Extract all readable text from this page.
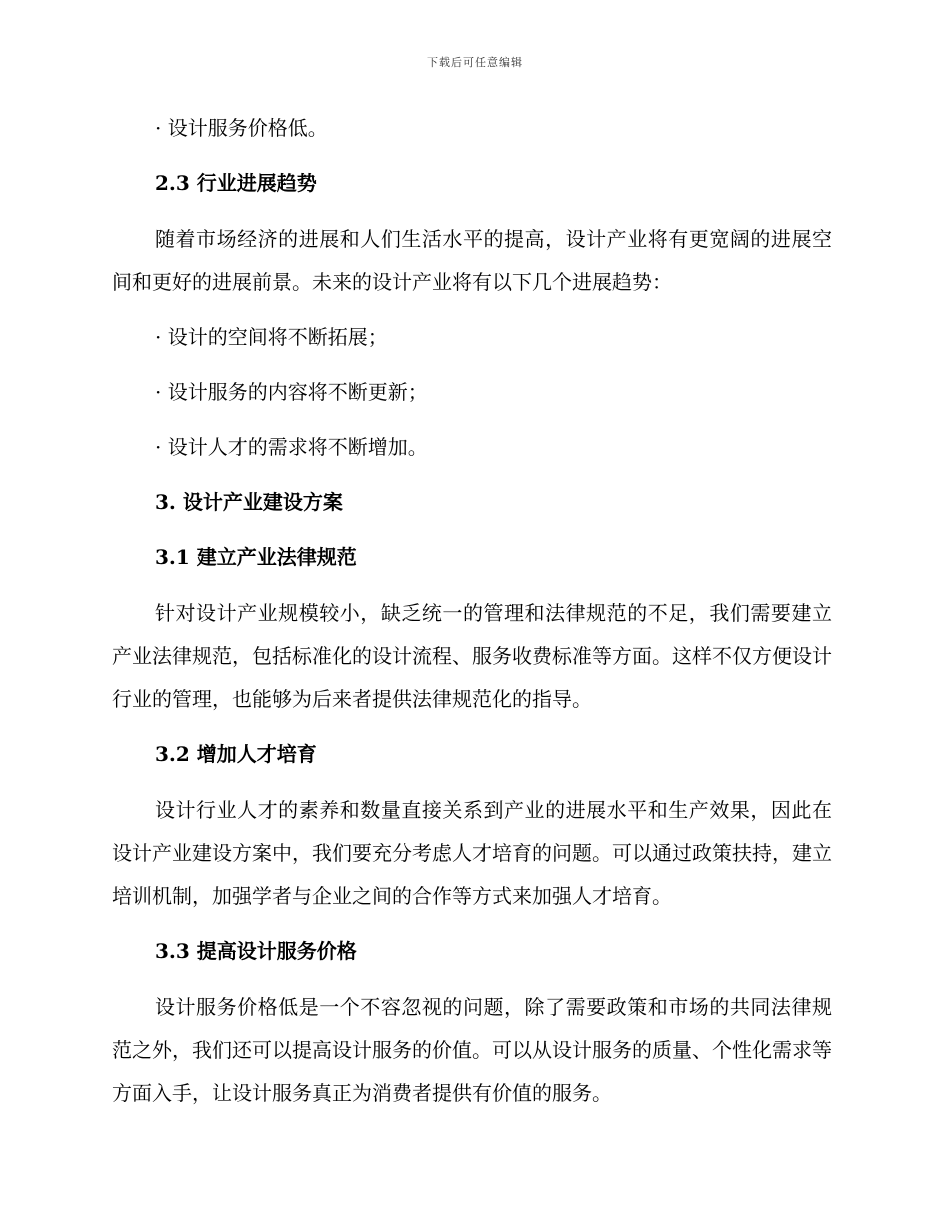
下载后可任意编辑
· 设计服务价格低。
2.3 行业进展趋势

随着市场经济的进展和人们生活水平的提高，设计产业将有更宽阔的进展空间和更好的进展前景。未来的设计产业将有以下几个进展趋势：

· 设计的空间将不断拓展；
· 设计服务的内容将不断更新；
· 设计人才的需求将不断增加。
3. 设计产业建设方案
3.1 建立产业法律规范

针对设计产业规模较小，缺乏统一的管理和法律规范的不足，我们需要建立产业法律规范，包括标准化的设计流程、服务收费标准等方面。这样不仅方便设计行业的管理，也能够为后来者提供法律规范化的指导。

3.2 增加人才培育

设计行业人才的素养和数量直接关系到产业的进展水平和生产效果，因此在设计产业建设方案中，我们要充分考虑人才培育的问题。可以通过政策扶持，建立培训机制，加强学者与企业之间的合作等方式来加强人才培育。

3.3 提高设计服务价格

设计服务价格低是一个不容忽视的问题，除了需要政策和市场的共同法律规范之外，我们还可以提高设计服务的价值。可以从设计服务的质量、个性化需求等方面入手，让设计服务真正为消费者提供有价值的服务。
